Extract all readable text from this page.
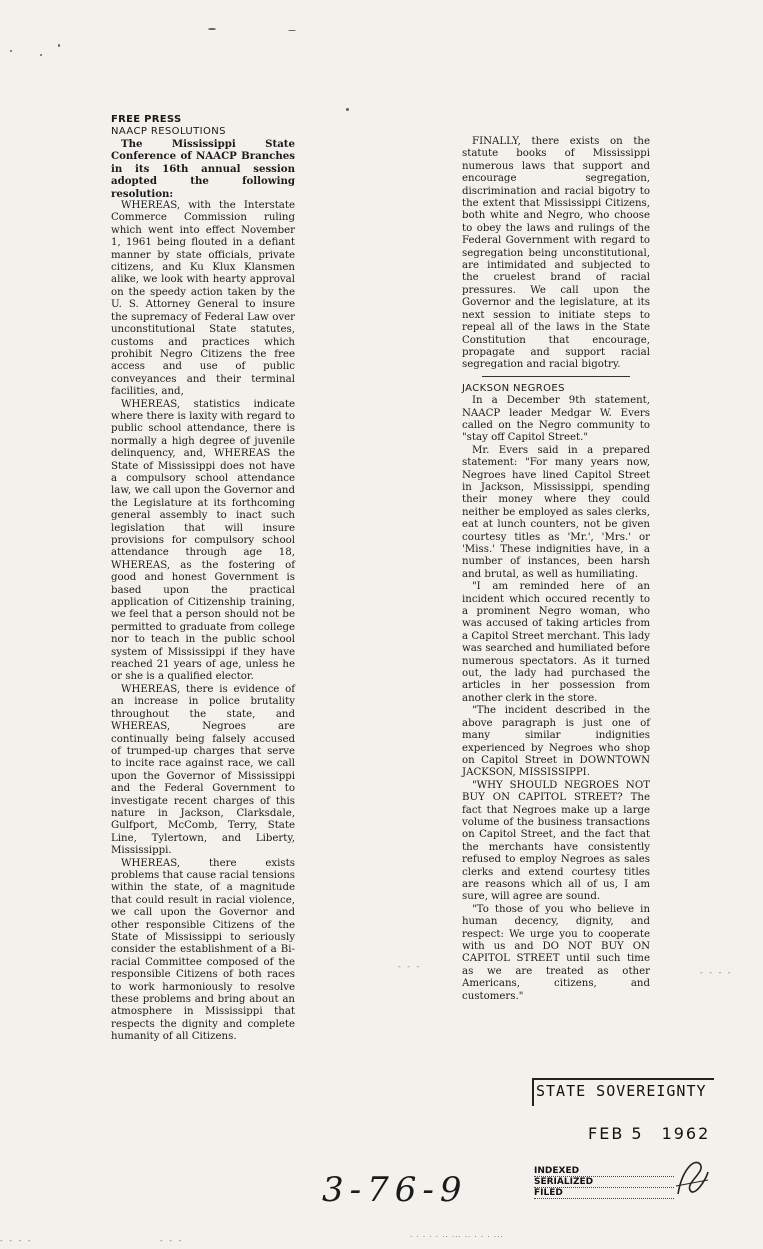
‐ ‐ ‐ ‐	‐ ‐ ‐
‐ ‐ ‐ ‐
‐ ‐ ‐
FREE PRESS
NAACP RESOLUTIONS

The Mississippi State Conference of NAACP Branches in its 16th annual session adopted the following resolution:

WHEREAS, with the Interstate Commerce Commission ruling which went into effect November 1, 1961 being flouted in a defiant manner by state officials, private citizens, and Ku Klux Klansmen alike, we look with hearty approval on the speedy action taken by the U. S. Attorney General to insure the supremacy of Federal Law over unconstitutional State statutes, customs and practices which prohibit Negro Citizens the free access and use of public conveyances and their terminal facilities, and,

WHEREAS, statistics indicate where there is laxity with regard to public school attendance, there is normally a high degree of juvenile delinquency, and, WHEREAS the State of Mississippi does not have a compulsory school attendance law, we call upon the Governor and the Legislature at its forthcoming general assembly to inact such legislation that will insure provisions for compulsory school attendance through age 18, WHEREAS, as the fostering of good and honest Government is based upon the practical application of Citizenship training, we feel that a person should not be permitted to graduate from college nor to teach in the public school system of Mississippi if they have reached 21 years of age, unless he or she is a qualified elector.

WHEREAS, there is evidence of an increase in police brutality throughout the state, and WHEREAS, Negroes are continually being falsely accused of trumped-up charges that serve to incite race against race, we call upon the Governor of Mississippi and the Federal Government to investigate recent charges of this nature in Jackson, Clarksdale, Gulfport, McComb, Terry, State Line, Tylertown, and Liberty, Mississippi.

WHEREAS, there exists problems that cause racial tensions within the state, of a magnitude that could result in racial violence, we call upon the Governor and other responsible Citizens of the State of Mississippi to seriously consider the establishment of a Bi-racial Committee composed of the responsible Citizens of both races to work harmoniously to resolve these problems and bring about an atmosphere in Mississippi that respects the dignity and complete humanity of all Citizens.

FINALLY, there exists on the statute books of Mississippi numerous laws that support and encourage segregation, discrimination and racial bigotry to the extent that Mississippi Citizens, both white and Negro, who choose to obey the laws and rulings of the Federal Government with regard to segregation being unconstitutional, are intimidated and subjected to the cruelest brand of racial pressures. We call upon the Governor and the legislature, at its next session to initiate steps to repeal all of the laws in the State Constitution that encourage, propagate and support racial segregation and racial bigotry.

JACKSON NEGROES

In a December 9th statement, NAACP leader Medgar W. Evers called on the Negro community to "stay off Capitol Street."

Mr. Evers said in a prepared statement: "For many years now, Negroes have lined Capitol Street in Jackson, Mississippi, spending their money where they could neither be employed as sales clerks, eat at lunch counters, not be given courtesy titles as 'Mr.', 'Mrs.' or 'Miss.' These indignities have, in a number of instances, been harsh and brutal, as well as humiliating.

"I am reminded here of an incident which occured recently to a prominent Negro woman, who was accused of taking articles from a Capitol Street merchant. This lady was searched and humiliated before numerous spectators. As it turned out, the lady had purchased the articles in her possession from another clerk in the store.

"The incident described in the above paragraph is just one of many similar indignities experienced by Negroes who shop on Capitol Street in DOWNTOWN JACKSON, MISSISSIPPI.

"WHY SHOULD NEGROES NOT BUY ON CAPITOL STREET? The fact that Negroes make up a large volume of the business transactions on Capitol Street, and the fact that the merchants have consistently refused to employ Negroes as sales clerks and extend courtesy titles are reasons which all of us, I am sure, will agree are sound.

"To those of you who believe in human decency, dignity, and respect: We urge you to cooperate with us and DO NOT BUY ON CAPITOL STREET until such time as we are treated as other Americans, citizens, and customers."

STATE SOVEREIGNTY
FEB 5 1962
INDEXED
SERIALIZED
FILED
3-76-9
· · · · · ·· ··· ·· · · · ···
